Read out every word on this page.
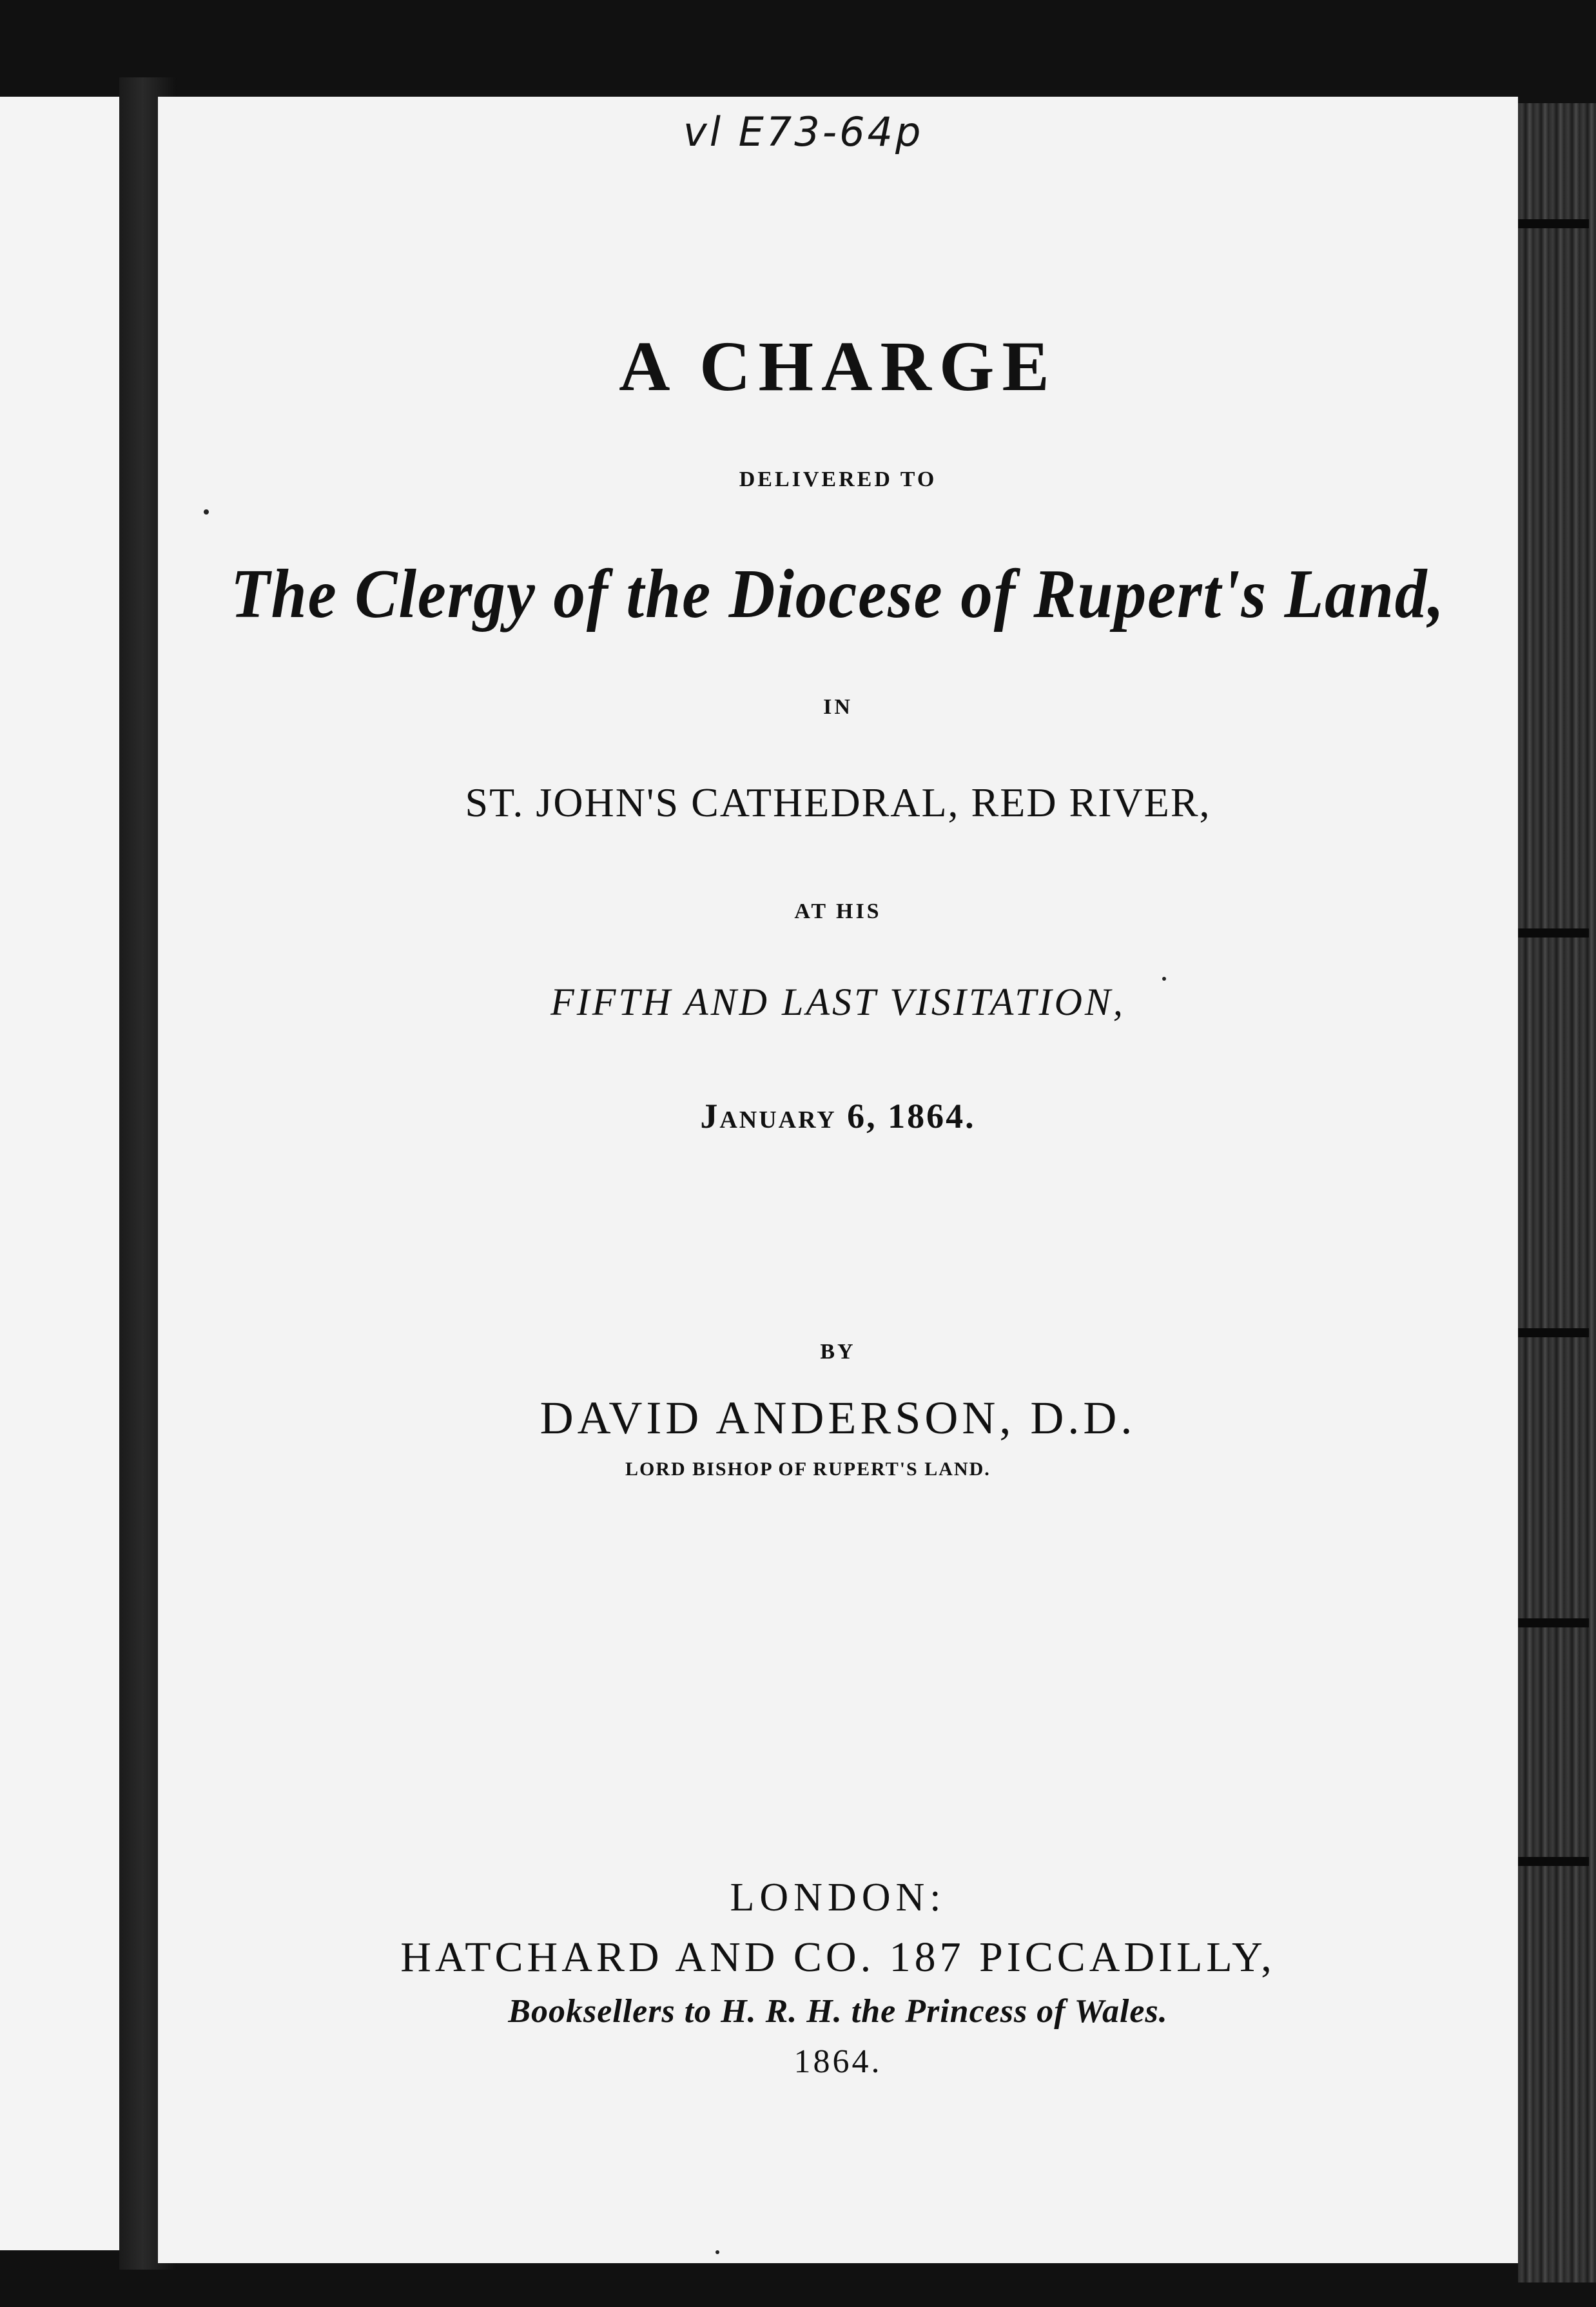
vl E73-64p
A CHARGE
DELIVERED TO
The Clergy of the Diocese of Rupert's Land,
IN
ST. JOHN'S CATHEDRAL, RED RIVER,
AT HIS
FIFTH AND LAST VISITATION,
January 6, 1864.
BY
DAVID ANDERSON, D.D.
LORD BISHOP OF RUPERT'S LAND.
LONDON:
HATCHARD AND CO. 187 PICCADILLY,
Booksellers to H. R. H. the Princess of Wales.
1864.
